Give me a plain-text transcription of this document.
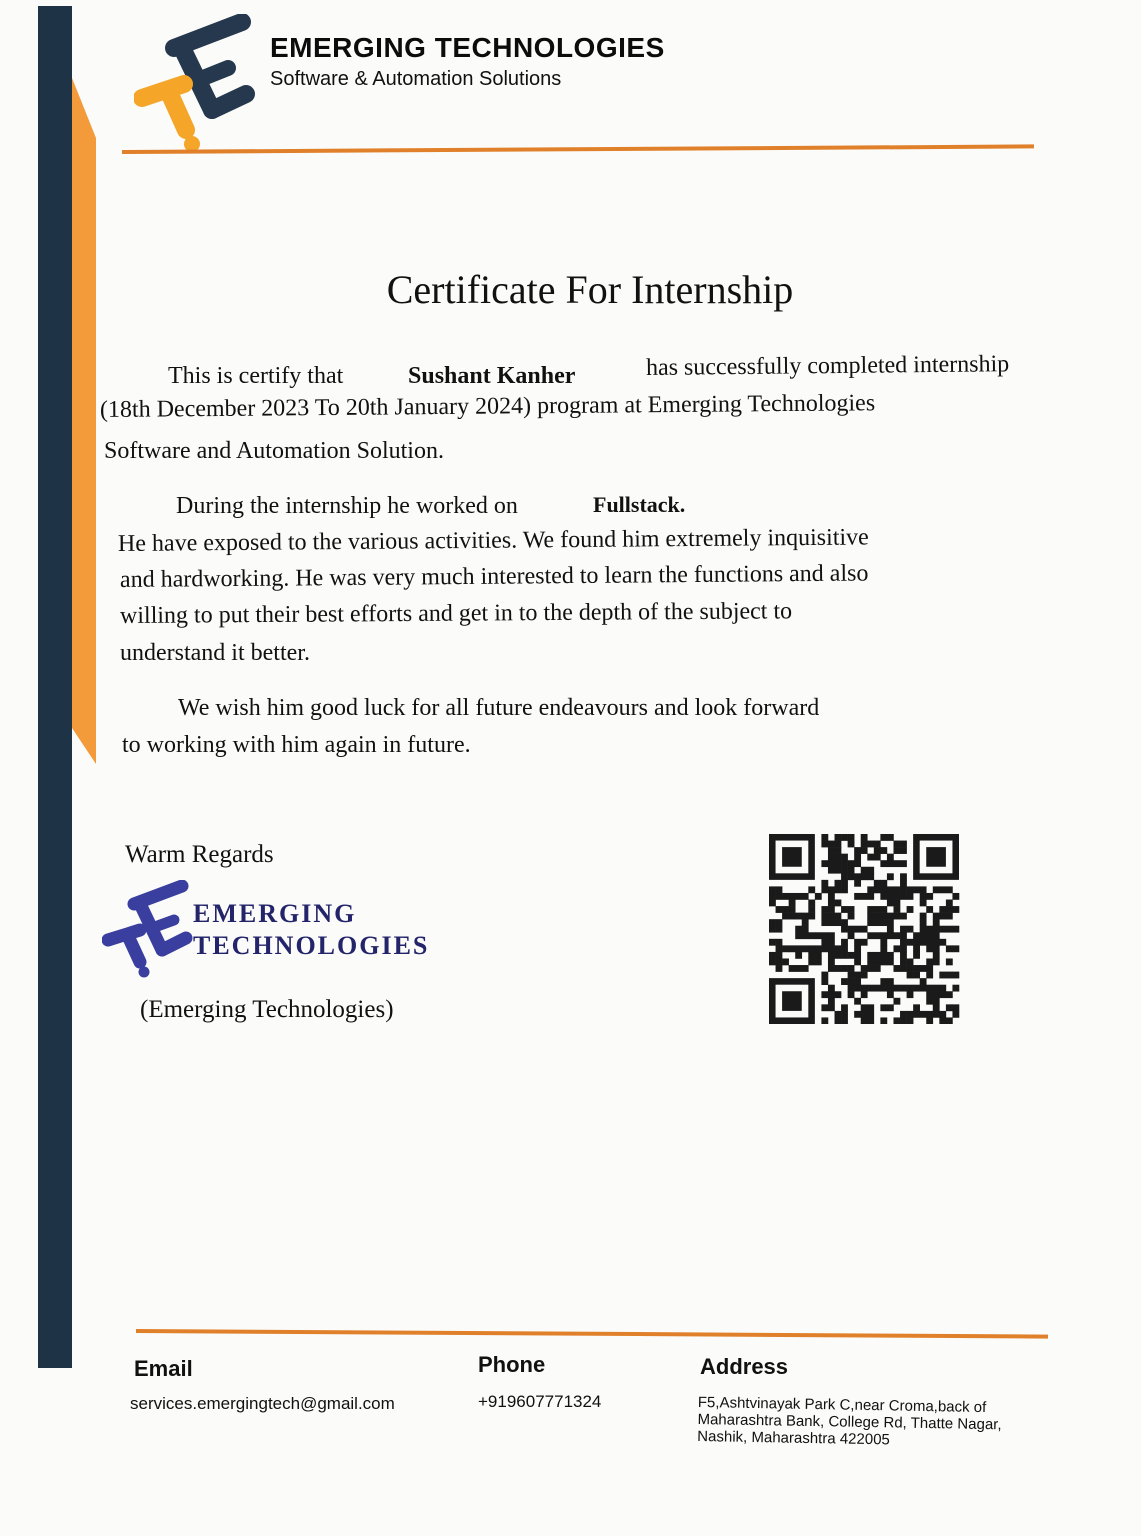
EMERGING TECHNOLOGIES
Software & Automation Solutions
Certificate For Internship
This is certify that	Sushant Kanher	has successfully completed internship
(18th December 2023 To 20th January 2024) program at Emerging Technologies
Software and Automation Solution.
During the internship he worked on	Fullstack.
He have exposed to the various activities. We found him extremely inquisitive
and hardworking. He was very much interested to learn the functions and also
willing to put their best efforts and get in to the depth of the subject to
understand it better.
We wish him good luck for all future endeavours and look forward
to working with him again in future.
Warm Regards
EMERGING
TECHNOLOGIES
(Emerging Technologies)
Email
services.emergingtech@gmail.com
Phone
+919607771324
Address
F5,Ashtvinayak Park C,near Croma,back of
Maharashtra Bank, College Rd, Thatte Nagar,
Nashik, Maharashtra 422005
